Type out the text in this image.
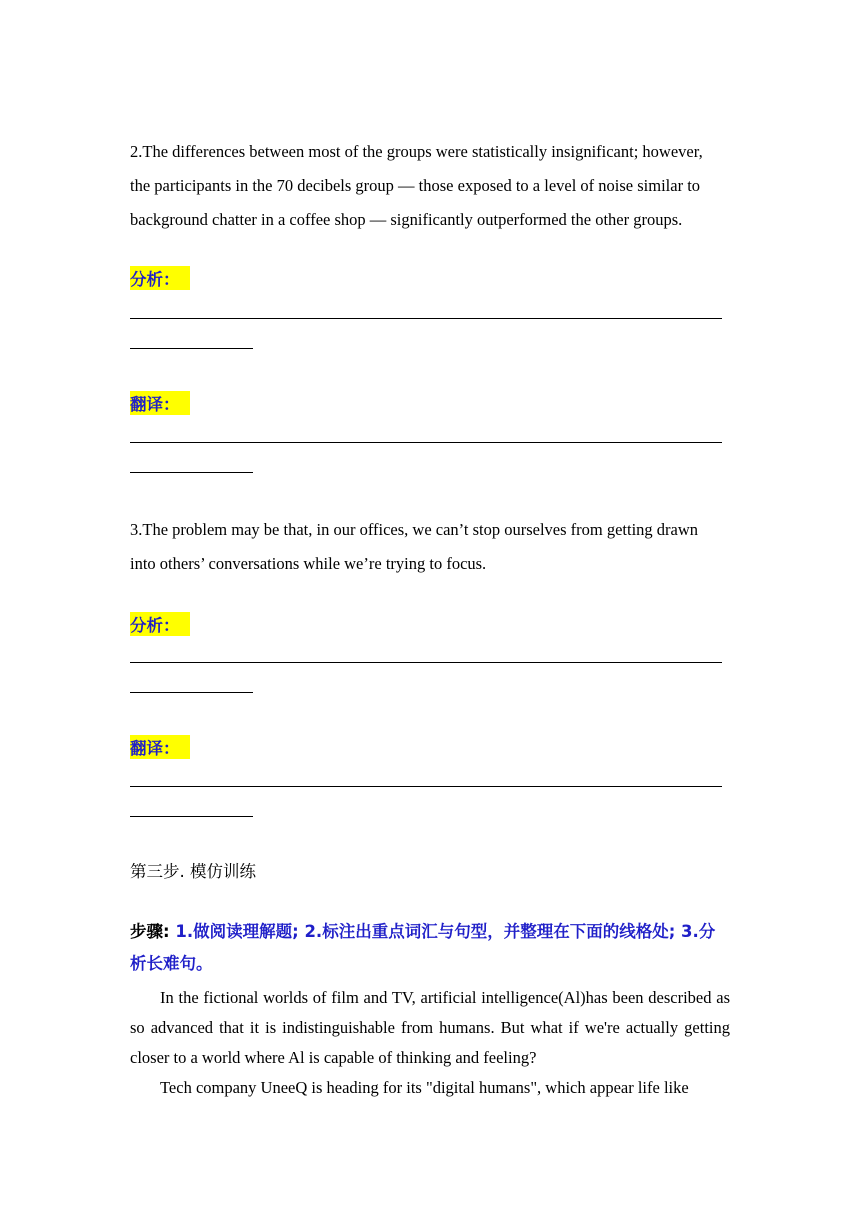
2.The differences between most of the groups were statistically insignificant; however,
the participants in the 70 decibels group — those exposed to a level of noise similar to
background chatter in a coffee shop — significantly outperformed the other groups.
分析：
翻译：
3.The problem may be that, in our offices, we can’t stop ourselves from getting drawn
into others’ conversations while we’re trying to focus.
分析：
翻译：
第三步. 模仿训练
步骤: 1.做阅读理解题; 2.标注出重点词汇与句型，并整理在下面的线格处; 3.分析长难句。
In the fictional worlds of film and TV, artificial intelligence(Al)has been described as so advanced that it is indistinguishable from humans. But what if we're actually getting closer to a world where Al is capable of thinking and feeling?
Tech company UneeQ is heading for its "digital humans", which appear life like
